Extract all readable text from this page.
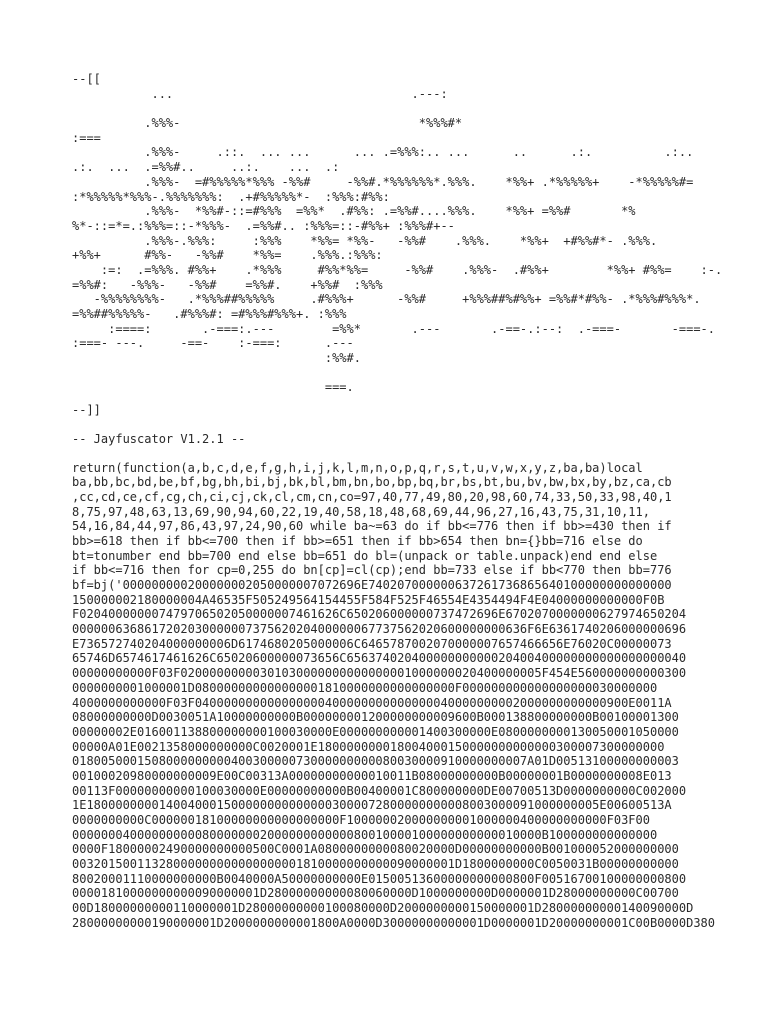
--[[
...                                 .---:
.%%%-                                 *%%%#*
:===
.%%%-     .::.  ... ...      ... .=%%%:.. ...      ..      .:.          .:..
.:.  ...  .=%%#..     ..:.    ...  .:
.%%%-  =#%%%%%*%%% -%%#     -%%#.*%%%%%%*.%%%.    *%%+ .*%%%%%+    -*%%%%%#=
:*%%%%%*%%%-.%%%%%%%:  .+#%%%%%*-  :%%%:#%%:
.%%%-  *%%#-::=#%%%  =%%*  .#%%: .=%%#....%%%.    *%%+ =%%#       *%
%*-::=*=.:%%%=::-*%%%-  .=%%#.. :%%%=::-#%%+ :%%%#+--
.%%%-.%%%:     :%%%    *%%= *%%-   -%%#    .%%%.    *%%+  +#%%#*- .%%%.
+%%+      #%%-   -%%#    *%%=    .%%%.:%%%:
:=:  .=%%%. #%%+    .*%%%     #%%*%%=     -%%#    .%%%-  .#%%+        *%%+ #%%=    :-.
=%%#:   -%%%-   -%%#    =%%#.    +%%#  :%%%
-%%%%%%%%-   .*%%%##%%%%%     .#%%%+      -%%#     +%%%##%#%%+ =%%#*#%%- .*%%%#%%%*.
=%%##%%%%%-   .#%%%#: =#%%%#%%%+. :%%%
:====:       .-===:.---        =%%*       .---       .-==-.:--:  .-===-       -===-.
:===- ---.     -==-    :-===:      .---
:%%#.
===.
--]]
-- Jayfuscator V1.2.1 --
return(function(a,b,c,d,e,f,g,h,i,j,k,l,m,n,o,p,q,r,s,t,u,v,w,x,y,z,ba,ba)local
ba,bb,bc,bd,be,bf,bg,bh,bi,bj,bk,bl,bm,bn,bo,bp,bq,br,bs,bt,bu,bv,bw,bx,by,bz,ca,cb
,cc,cd,ce,cf,cg,ch,ci,cj,ck,cl,cm,cn,co=97,40,77,49,80,20,98,60,74,33,50,33,98,40,1
8,75,97,48,63,13,69,90,94,60,22,19,40,58,18,48,68,69,44,96,27,16,43,75,31,10,11,
54,16,84,44,97,86,43,97,24,90,60 while ba~=63 do if bb<=776 then if bb>=430 then if
bb>=618 then if bb<=700 then if bb>=651 then if bb>654 then bn={}bb=716 else do
bt=tonumber end bb=700 end else bb=651 do bl=(unpack or table.unpack)end end else
if bb<=716 then for cp=0,255 do bn[cp]=cl(cp);end bb=733 else if bb<770 then bb=776
bf=bj('000000000200000002050000007072696E740207000000637261736865640100000000000000
150000002180000004A46535F505249564154455F584F525F46554E4354494F4E04000000000000F0B
F020400000007479706502050000007461626C650206000000737472696E6702070000000627974650204
000000636861720203000000737562020400000067737562020600000000636F6E6361740206000000696
E736572740204000000006D6174680205000006C6465787002070000007657466656E76020C00000073
65746D6574617461626C65020600000073656C65637402040000000000020400400000000000000000040
00000000000F03F02000000000301030000000000000001000000020400000005F454E560000000000300
0000000001000001D080000000000000001810000000000000000F000000000000000000030000000
4000000000000F03F040000000000000000400000000000000040000000002000000000000900E0011A
08000000000D0030051A10000000000B000000001200000000009600B000138800000000B00100001300
00000002E016001138800000000100030000E000000000001400300000E0800000000130050001050000
00000A01E0021358000000000C0020001E180000000018004000150000000000000300007300000000
018005000150800000000040030000073000000000080030000910000000007A01D00513100000000003
00100020980000000009E00C00313A00000000000010011B08000000000B00000001B0000000008E013
00113F00000000000100030000E00000000000B00400001C800000000DE00700513D0000000000C002000
1E18000000001400400015000000000000003000072800000000008003000091000000005E00600513A
0000000000C00000018100000000000000000F100000020000000001000000400000000000F03F00
00000004000000000080000000200000000000080010000100000000000010000B100000000000000
0000F18000002490000000000500C0001A0800000000080020000D00000000000B001000052000000000
00320150011328000000000000000001810000000000090000001D1800000000C0050031B00000000000
80020001110000000000B0040000A50000000000E01500513600000000000800F00516700100000000800
00001810000000000090000001D28000000000080060000D1000000000D0000001D28000000000C00700
00D18000000000110000001D28000000000100080000D2000000000150000001D28000000000140090000D
28000000000190000001D2000000000001800A0000D30000000000001D0000001D20000000001C00B0000D380
